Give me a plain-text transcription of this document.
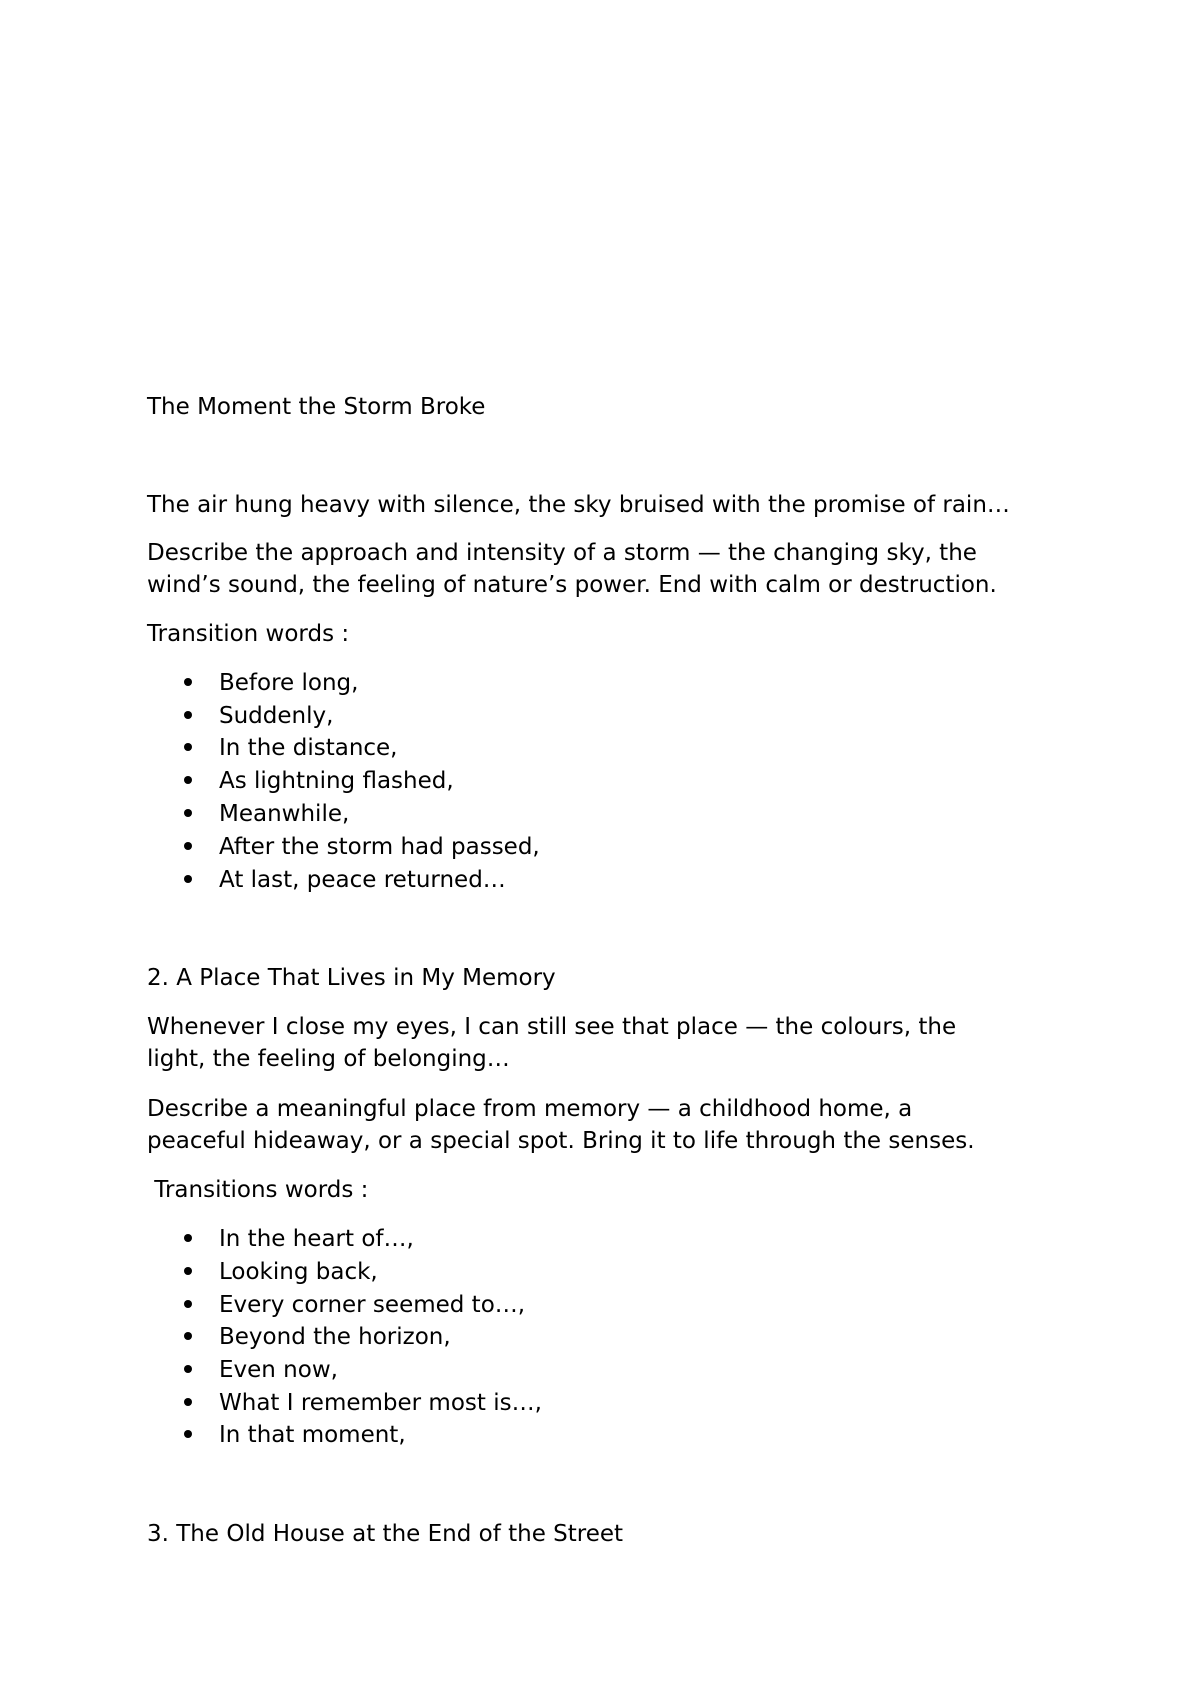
The Moment the Storm Broke
The air hung heavy with silence, the sky bruised with the promise of rain…
Describe the approach and intensity of a storm — the changing sky, the
wind’s sound, the feeling of nature’s power. End with calm or destruction.
Transition words :
Before long,
Suddenly,
In the distance,
As lightning flashed,
Meanwhile,
After the storm had passed,
At last, peace returned…
2. A Place That Lives in My Memory
Whenever I close my eyes, I can still see that place — the colours, the
light, the feeling of belonging…
Describe a meaningful place from memory — a childhood home, a
peaceful hideaway, or a special spot. Bring it to life through the senses.
Transitions words :
In the heart of…,
Looking back,
Every corner seemed to…,
Beyond the horizon,
Even now,
What I remember most is…,
In that moment,
3. The Old House at the End of the Street
